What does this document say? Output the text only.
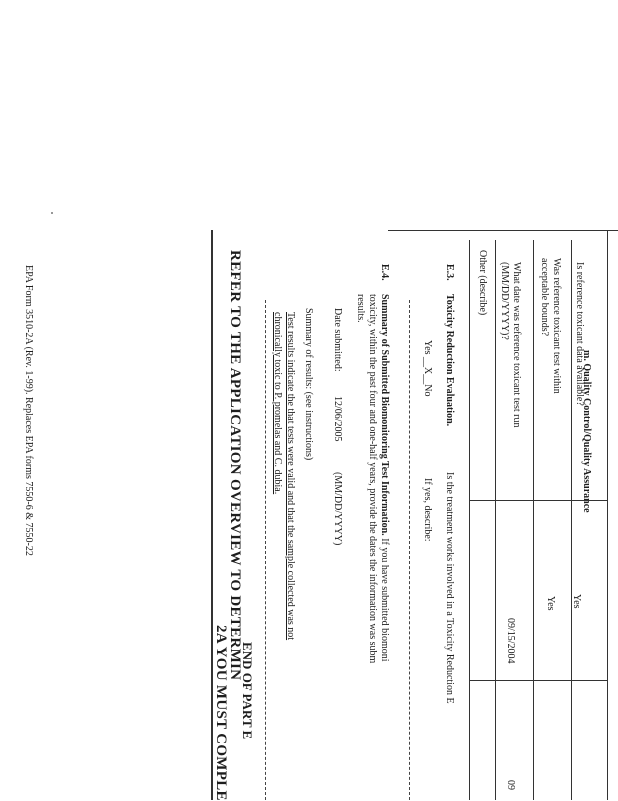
m. Quality Control/Quality Assurance
Is reference toxicant data available?
Yes
Was reference toxicant test within
acceptable bounds?
Yes
What date was reference toxicant test run
(MM/DD/YYYY)?
09/15/2004
09
Other (describe)
E.3.
Toxicity Reduction Evaluation.
Is the treatment works involved in a Toxicity Reduction E
Yes __X__No
If yes, describe:
E.4.
Summary of Submitted Biomonitoring Test Information. If you have submitted biomoni
toxicity, within the past four and one-half years, provide the dates the information was subm
results.
Date submitted:
12/06/2005
(MM/DD/YYYY)
Summary of results: (see instructions)
Test results indicate the that tests were valid and that the sample collected was not
chronically toxic to P. promelas and C. dubia.
END OF PART E
REFER TO THE APPLICATION OVERVIEW TO DETERMIN
2A YOU MUST COMPLE
EPA Form 3510-2A (Rev. 1-99). Replaces EPA forms 7550-6 & 7550-22
